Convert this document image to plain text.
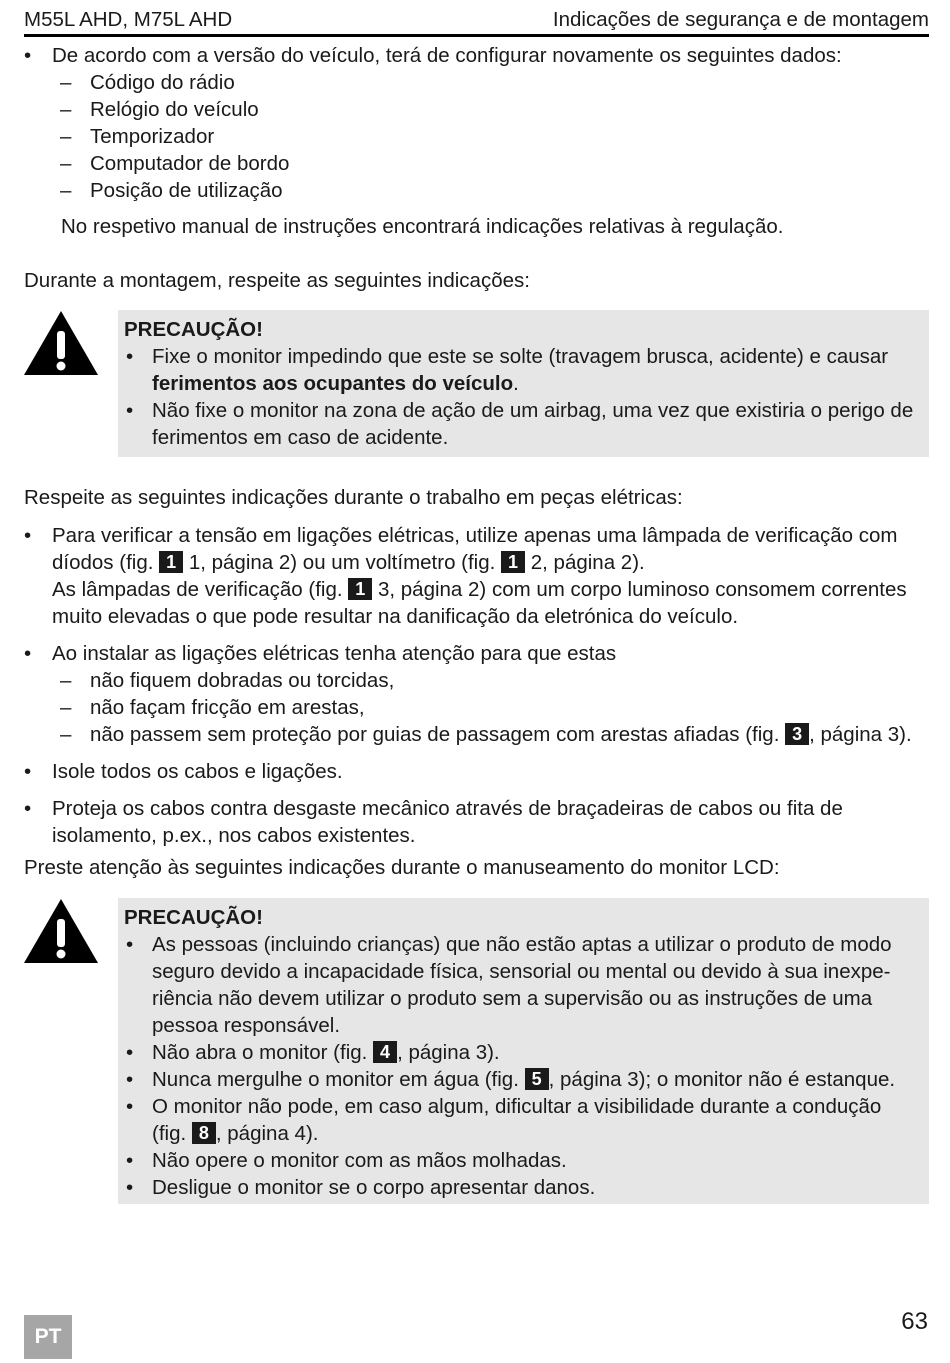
M55L AHD, M75L AHD	Indicações de segurança e de montagem
• De acordo com a versão do veículo, terá de configurar novamente os seguintes dados:
– Código do rádio
– Relógio do veículo
– Temporizador
– Computador de bordo
– Posição de utilização
No respetivo manual de instruções encontrará indicações relativas à regulação.
Durante a montagem, respeite as seguintes indicações:
PRECAUÇÃO!
• Fixe o monitor impedindo que este se solte (travagem brusca, acidente) e causar ferimentos aos ocupantes do veículo.
• Não fixe o monitor na zona de ação de um airbag, uma vez que existiria o perigo de ferimentos em caso de acidente.
Respeite as seguintes indicações durante o trabalho em peças elétricas:
• Para verificar a tensão em ligações elétricas, utilize apenas uma lâmpada de verificação com
díodos (fig. 1 1, página 2) ou um voltímetro (fig. 1 2, página 2).
As lâmpadas de verificação (fig. 1 3, página 2) com um corpo luminoso consomem correntes
muito elevadas o que pode resultar na danificação da eletrónica do veículo.
• Ao instalar as ligações elétricas tenha atenção para que estas
– não fiquem dobradas ou torcidas,
– não façam fricção em arestas,
– não passem sem proteção por guias de passagem com arestas afiadas (fig. 3 , página 3).
• Isole todos os cabos e ligações.
• Proteja os cabos contra desgaste mecânico através de braçadeiras de cabos ou fita de isolamento, p.ex., nos cabos existentes.
Preste atenção às seguintes indicações durante o manuseamento do monitor LCD:
PRECAUÇÃO!
• As pessoas (incluindo crianças) que não estão aptas a utilizar o produto de modo seguro devido a incapacidade física, sensorial ou mental ou devido à sua inexperiência não devem utilizar o produto sem a supervisão ou as instruções de uma pessoa responsável.
• Não abra o monitor (fig. 4 , página 3).
• Nunca mergulhe o monitor em água (fig. 5 , página 3); o monitor não é estanque.
• O monitor não pode, em caso algum, dificultar a visibilidade durante a condução
(fig. 8 , página 4).
• Não opere o monitor com as mãos molhadas.
• Desligue o monitor se o corpo apresentar danos.
PT
63
